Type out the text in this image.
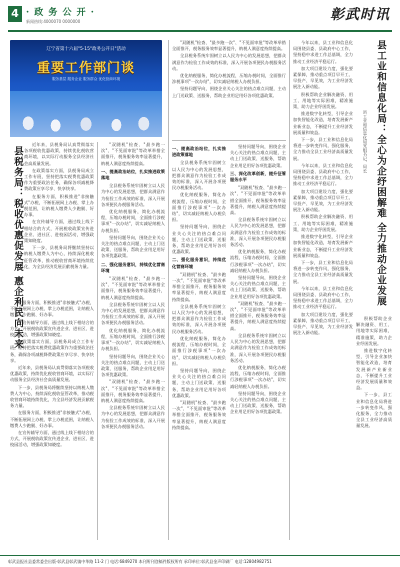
4 · 政 务 公 开 ·
新闻热线:4000070 ‌0000000	彰武时讯
辽宁省第十六届"5·15"政务公开日"活动
重要工作部门谈
服务基层 服务企业 服务群众 优化营商环境
县税务局：税收优惠促发展 惠企利民向未来

近年来，县税务局认真贯彻落实各项税收优惠政策，持续优化税收营商环境，以实际行动服务全县经济社会高质量发展。

在政策落实方面，县税务局成立工作专班，坚持把落实税费优惠政策作为重要政治任务，确保各项减税降费政策应享尽享、快享快享。

在服务方面，积极推进"非接触式"办税，不断拓展网上办税、掌上办税范围，让纳税人缴费人少跑腿、好办事。

在宣传辅导方面，通过线上线下相结合的方式，开展税收政策宣传进企业、进社区、进校园活动，增强政策知晓度。

下一步，县税务局将继续坚持以纳税人缴费人为中心，持续深化税收征管改革，推动税收营商环境持续优化，为全县经济发展贡献税务力量。

在服务方面，积极推进"非接触式"办税，不断拓展网上办税、掌上办税范围，让纳税人缴费人少跑腿、好办事。

在宣传辅导方面，通过线上线下相结合的方式，开展税收政策宣传进企业、进社区、进校园活动，增强政策知晓度。

在政策落实方面，县税务局成立工作专班，坚持把落实税费优惠政策作为重要政治任务，确保各项减税降费政策应享尽享、快享快享。

近年来，县税务局认真贯彻落实各项税收优惠政策，持续优化税收营商环境，以实际行动服务全县经济社会高质量发展。

下一步，县税务局将继续坚持以纳税人缴费人为中心，持续深化税收征管改革，推动税收营商环境持续优化，为全县经济发展贡献税务力量。

在服务方面，积极推进"非接触式"办税，不断拓展网上办税、掌上办税范围，让纳税人缴费人少跑腿、好办事。

在宣传辅导方面，通过线上线下相结合的方式，开展税收政策宣传进企业、进社区、进校园活动，增强政策知晓度。

"双随机"检查、"最多跑一次"、"不见面审批"等改革举措全面推开，税务服务效率显著提升，纳税人满意度持续提高。

一、提高政治站位，扎实推进政策落地

全县税务系统牢固树立以人民为中心的发展思想，把群众满意作为检验工作成效的标准，深入开展各项便民办税服务活动。

优化纳税服务，简化办税流程，压缩办税时间，全面推行涉税事项"一次办结"，切实减轻纳税人办税负担。

坚持问题导向，围绕企业关心关注的热点难点问题，主动上门送政策、送服务，帮助企业用足用好各项优惠政策。

二、强化服务意识，持续优化营商环境

"双随机"检查、"最多跑一次"、"不见面审批"等改革举措全面推开，税务服务效率显著提升，纳税人满意度持续提高。

全县税务系统牢固树立以人民为中心的发展思想，把群众满意作为检验工作成效的标准，深入开展各项便民办税服务活动。

优化纳税服务，简化办税流程，压缩办税时间，全面推行涉税事项"一次办结"，切实减轻纳税人办税负担。

坚持问题导向，围绕企业关心关注的热点难点问题，主动上门送政策、送服务，帮助企业用足用好各项优惠政策。

"双随机"检查、"最多跑一次"、"不见面审批"等改革举措全面推开，税务服务效率显著提升，纳税人满意度持续提高。

全县税务系统牢固树立以人民为中心的发展思想，把群众满意作为检验工作成效的标准，深入开展各项便民办税服务活动。

"双随机"检查、"最多跑一次"、"不见面审批"等改革举措全面推开，税务服务效率显著提升，纳税人满意度持续提高。

全县税务系统牢固树立以人民为中心的发展思想，把群众满意作为检验工作成效的标准，深入开展各项便民办税服务活动。

优化纳税服务，简化办税流程，压缩办税时间，全面推行涉税事项"一次办结"，切实减轻纳税人办税负担。

坚持问题导向，围绕企业关心关注的热点难点问题，主动上门送政策、送服务，帮助企业用足用好各项优惠政策。

一、提高政治站位，扎实推进政策落地

全县税务系统牢固树立以人民为中心的发展思想，把群众满意作为检验工作成效的标准，深入开展各项便民办税服务活动。

优化纳税服务，简化办税流程，压缩办税时间，全面推行涉税事项"一次办结"，切实减轻纳税人办税负担。

坚持问题导向，围绕企业关心关注的热点难点问题，主动上门送政策、送服务，帮助企业用足用好各项优惠政策。

二、强化服务意识，持续优化营商环境

"双随机"检查、"最多跑一次"、"不见面审批"等改革举措全面推开，税务服务效率显著提升，纳税人满意度持续提高。

全县税务系统牢固树立以人民为中心的发展思想，把群众满意作为检验工作成效的标准，深入开展各项便民办税服务活动。

优化纳税服务，简化办税流程，压缩办税时间，全面推行涉税事项"一次办结"，切实减轻纳税人办税负担。

坚持问题导向，围绕企业关心关注的热点难点问题，主动上门送政策、送服务，帮助企业用足用好各项优惠政策。

"双随机"检查、"最多跑一次"、"不见面审批"等改革举措全面推开，税务服务效率显著提升，纳税人满意度持续提高。

坚持问题导向，围绕企业关心关注的热点难点问题，主动上门送政策、送服务，帮助企业用足用好各项优惠政策。

三、深化改革创新，提升征管服务水平

"双随机"检查、"最多跑一次"、"不见面审批"等改革举措全面推开，税务服务效率显著提升，纳税人满意度持续提高。

全县税务系统牢固树立以人民为中心的发展思想，把群众满意作为检验工作成效的标准，深入开展各项便民办税服务活动。

优化纳税服务，简化办税流程，压缩办税时间，全面推行涉税事项"一次办结"，切实减轻纳税人办税负担。

坚持问题导向，围绕企业关心关注的热点难点问题，主动上门送政策、送服务，帮助企业用足用好各项优惠政策。

"双随机"检查、"最多跑一次"、"不见面审批"等改革举措全面推开，税务服务效率显著提升，纳税人满意度持续提高。

全县税务系统牢固树立以人民为中心的发展思想，把群众满意作为检验工作成效的标准，深入开展各项便民办税服务活动。

优化纳税服务，简化办税流程，压缩办税时间，全面推行涉税事项"一次办结"，切实减轻纳税人办税负担。

坚持问题导向，围绕企业关心关注的热点难点问题，主动上门送政策、送服务，帮助企业用足用好各项优惠政策。

今年以来，县工业和信息化局围绕县委、县政府中心工作，坚持稳中求进工作总基调，全力推动工业经济平稳运行。

加大项目建设力度，强化要素保障，推动重点项目早开工、早投产、早见效，为工业经济发展注入新动能。

积极帮助企业解决融资、用工、用地等实际困难，精准施策，助力企业纾困发展。

推进数字化转型，引导企业加快智能化改造，培育发展新产业新业态，不断提升工业经济发展质量和效益。

下一步，县工业和信息化局将进一步转变作风，强化服务，全力推动全县工业经济高质量发展。

今年以来，县工业和信息化局围绕县委、县政府中心工作，坚持稳中求进工作总基调，全力推动工业经济平稳运行。

加大项目建设力度，强化要素保障，推动重点项目早开工、早投产、早见效，为工业经济发展注入新动能。

积极帮助企业解决融资、用工、用地等实际困难，精准施策，助力企业纾困发展。

推进数字化转型，引导企业加快智能化改造，培育发展新产业新业态，不断提升工业经济发展质量和效益。

下一步，县工业和信息化局将进一步转变作风，强化服务，全力推动全县工业经济高质量发展。

今年以来，县工业和信息化局围绕县委、县政府中心工作，坚持稳中求进工作总基调，全力推动工业经济平稳运行。

加大项目建设力度，强化要素保障，推动重点项目早开工、早投产、早见效，为工业经济发展注入新动能。

县工业和信息化局：全心为企纾困解难 全力推动企业发展
县工业和信息化局党组书记、局长

积极帮助企业解决融资、用工、用地等实际困难，精准施策，助力企业纾困发展。

推进数字化转型，引导企业加快智能化改造，培育发展新产业新业态，不断提升工业经济发展质量和效益。

下一步，县工业和信息化局将进一步转变作风，强化服务，全力推动全县工业经济高质量发展。

彰武县报社县委常委会出版·彰武县彰武镇中华路 11-2 门 电话:6849270 本刊所刊登稿件版权所有 承印单位:彰武县金声印刷厂 电话:12804982751
